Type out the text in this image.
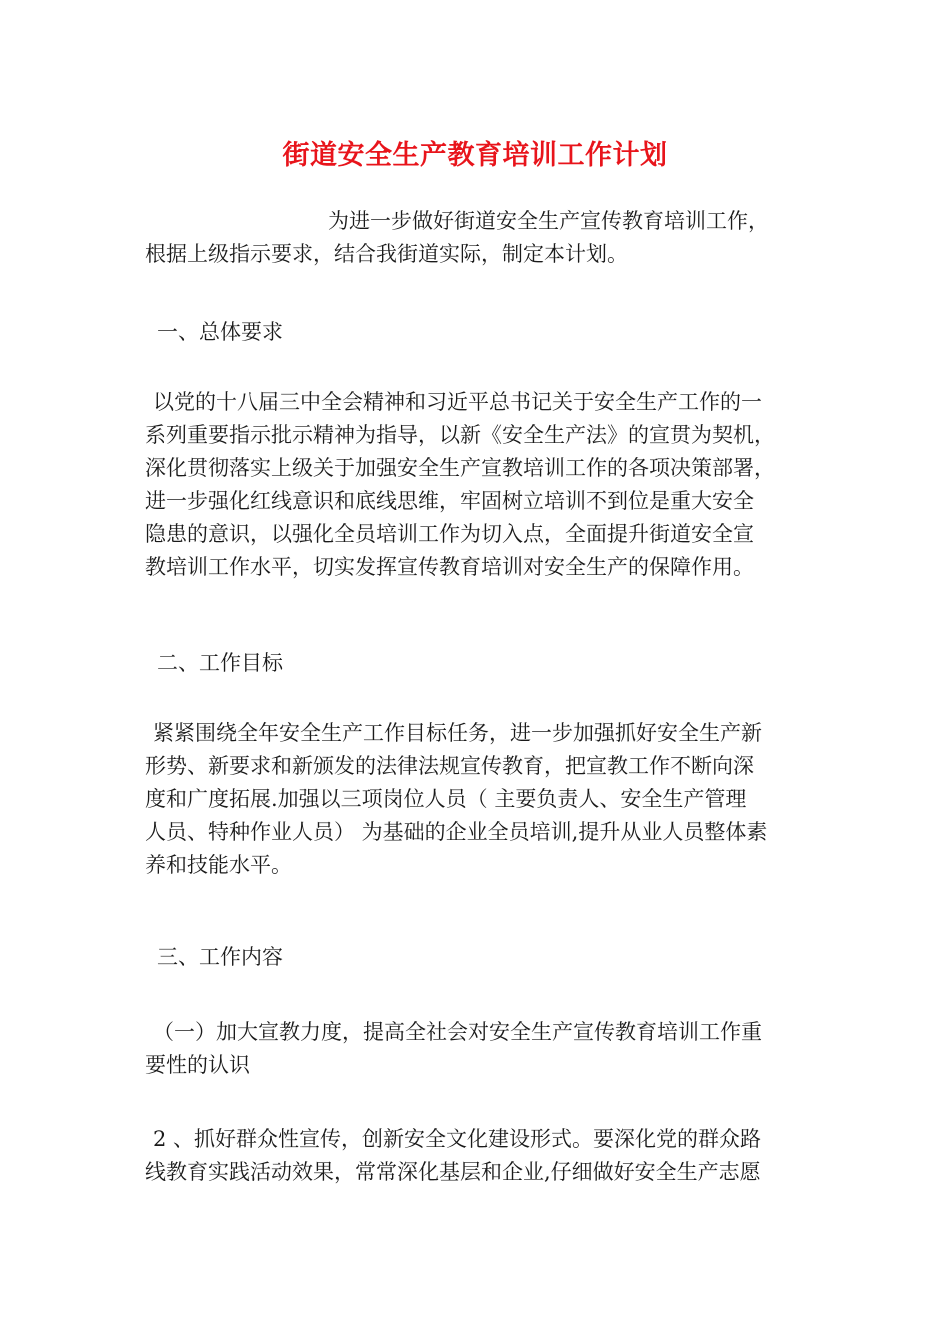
街道安全生产教育培训工作计划
为进一步做好街道安全生产宣传教育培训工作，
根据上级指示要求，结合我街道实际，制定本计划。
一、总体要求
以党的十八届三中全会精神和习近平总书记关于安全生产工作的一
系列重要指示批示精神为指导，以新《安全生产法》的宣贯为契机，
深化贯彻落实上级关于加强安全生产宣教培训工作的各项决策部署，
进一步强化红线意识和底线思维，牢固树立培训不到位是重大安全
隐患的意识，以强化全员培训工作为切入点，全面提升街道安全宣
教培训工作水平，切实发挥宣传教育培训对安全生产的保障作用。
二、工作目标
紧紧围绕全年安全生产工作目标任务，进一步加强抓好安全生产新
形势、新要求和新颁发的法律法规宣传教育，把宣教工作不断向深
度和广度拓展.加强以三项岗位人员（ 主要负责人、安全生产管理
人员、特种作业人员） 为基础的企业全员培训,提升从业人员整体素
养和技能水平。
三、工作内容
（一）加大宣教力度，提高全社会对安全生产宣传教育培训工作重
要性的认识
2 、抓好群众性宣传，创新安全文化建设形式。要深化党的群众路
线教育实践活动效果，常常深化基层和企业,仔细做好安全生产志愿
